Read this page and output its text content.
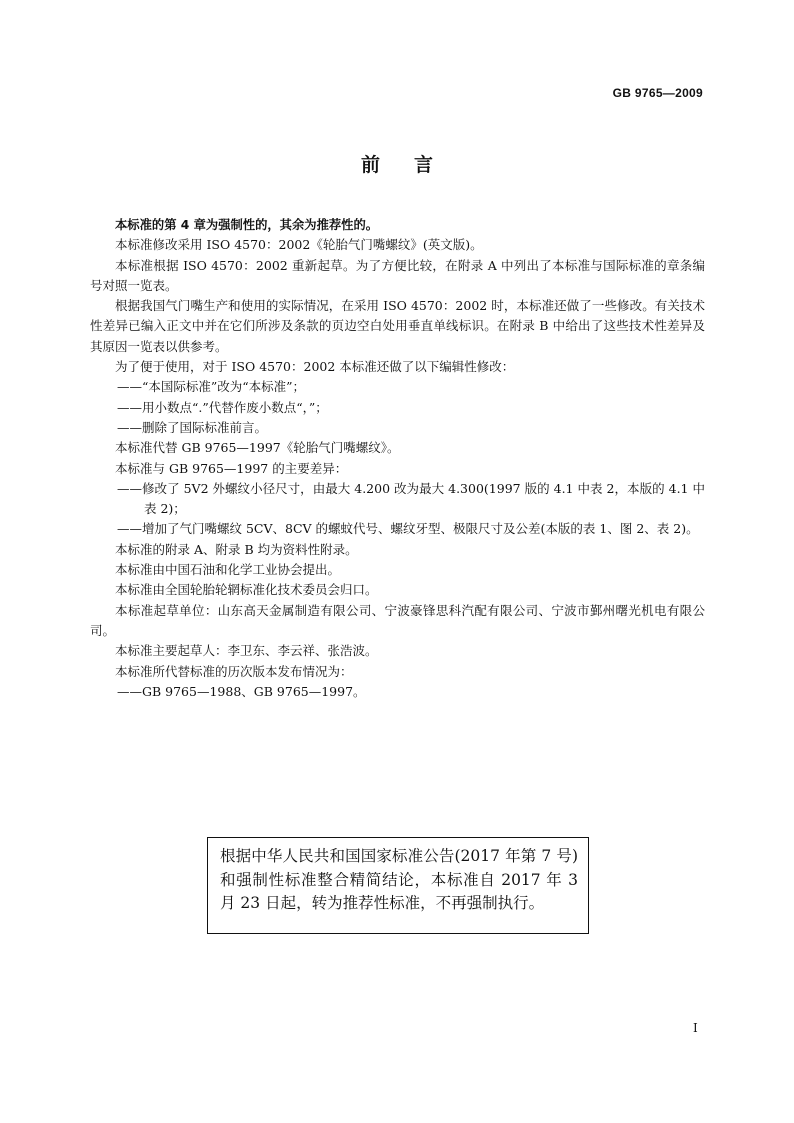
GB 9765—2009
前言

本标准的第 4 章为强制性的，其余为推荐性的。

本标准修改采用 ISO 4570：2002《轮胎气门嘴螺纹》(英文版)。

本标准根据 ISO 4570：2002 重新起草。为了方便比较，在附录 A 中列出了本标准与国际标准的章条编号对照一览表。

根据我国气门嘴生产和使用的实际情况，在采用 ISO 4570：2002 时，本标准还做了一些修改。有关技术性差异已编入正文中并在它们所涉及条款的页边空白处用垂直单线标识。在附录 B 中给出了这些技术性差异及其原因一览表以供参考。

为了便于使用，对于 ISO 4570：2002 本标准还做了以下编辑性修改：

——“本国际标准”改为“本标准”；

——用小数点“.”代替作废小数点“，”；

——删除了国际标准前言。

本标准代替 GB 9765—1997《轮胎气门嘴螺纹》。

本标准与 GB 9765—1997 的主要差异：

——修改了 5V2 外螺纹小径尺寸，由最大 4.200 改为最大 4.300(1997 版的 4.1 中表 2，本版的 4.1 中表 2)；

——增加了气门嘴螺纹 5CV、8CV 的螺蚊代号、螺纹牙型、极限尺寸及公差(本版的表 1、图 2、表 2)。

本标准的附录 A、附录 B 均为资料性附录。

本标准由中国石油和化学工业协会提出。

本标准由全国轮胎轮辋标准化技术委员会归口。

本标准起草单位：山东高天金属制造有限公司、宁波豪锋思科汽配有限公司、宁波市鄞州曙光机电有限公司。

本标准主要起草人：李卫东、李云祥、张浩波。

本标准所代替标准的历次版本发布情况为：

——GB 9765—1988、GB 9765—1997。

根据中华人民共和国国家标准公告(2017 年第 7 号)和强制性标准整合精简结论，本标准自 2017 年 3 月 23 日起，转为推荐性标准，不再强制执行。
I
